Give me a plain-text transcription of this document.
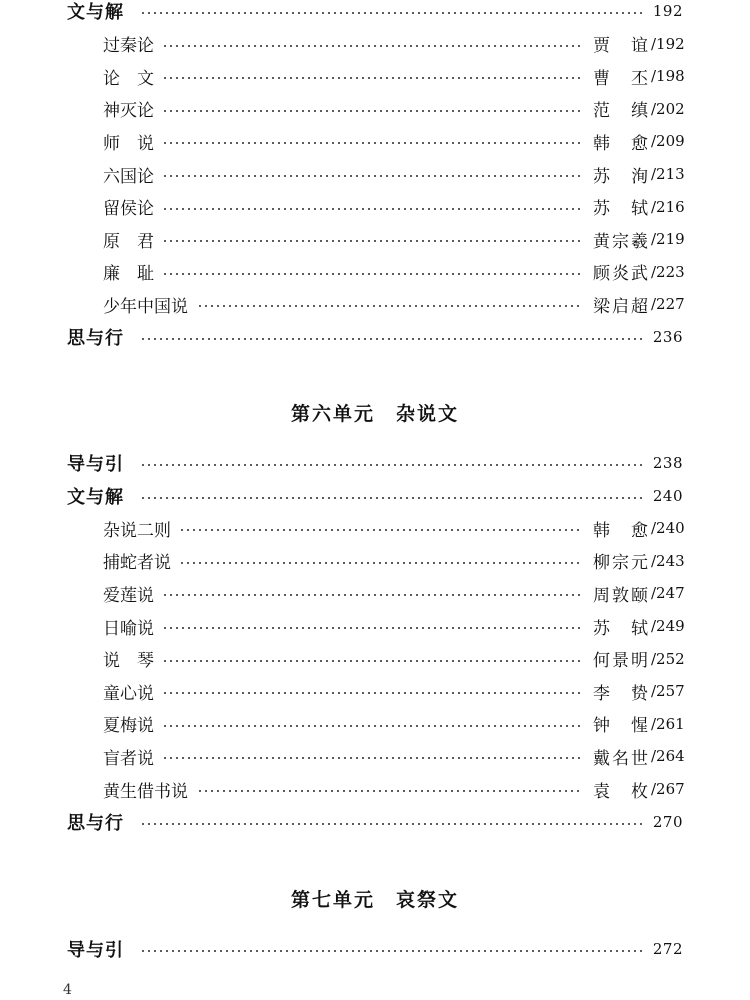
文与解	192
过秦论	贾　谊 /192
论　文	曹　丕 /198
神灭论	范　缜 /202
师　说	韩　愈 /209
六国论	苏　洵 /213
留侯论	苏　轼 /216
原　君	黄宗羲 /219
廉　耻	顾炎武 /223
少年中国说	梁启超 /227
思与行	236
第六单元　杂说文
导与引	238
文与解	240
杂说二则	韩　愈 /240
捕蛇者说	柳宗元 /243
爱莲说	周敦颐 /247
日喻说	苏　轼 /249
说　琴	何景明 /252
童心说	李　贽 /257
夏梅说	钟　惺 /261
盲者说	戴名世 /264
黄生借书说	袁　枚 /267
思与行	270
第七单元　哀祭文
导与引	272
4
